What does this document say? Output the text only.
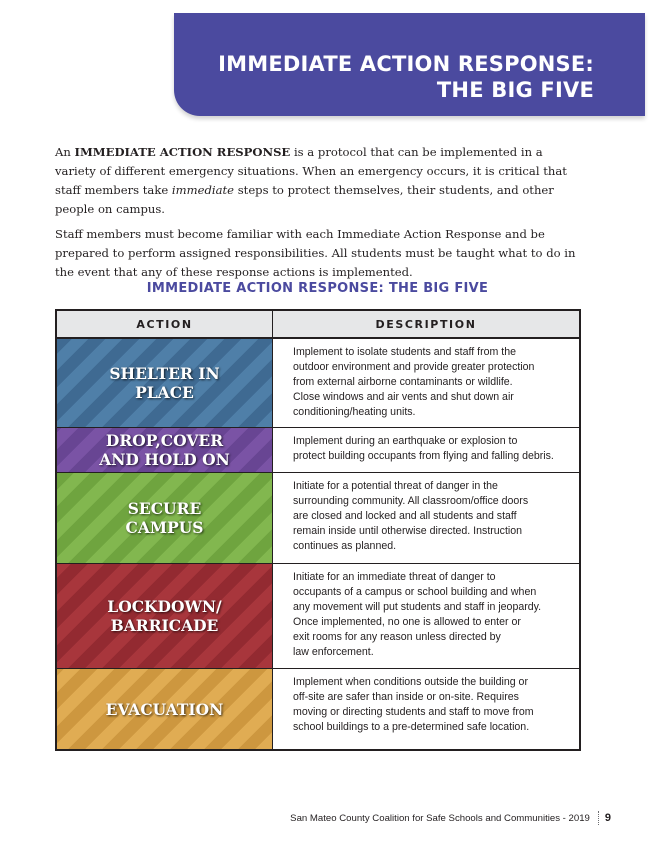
IMMEDIATE ACTION RESPONSE:
THE BIG FIVE

An IMMEDIATE ACTION RESPONSE is a protocol that can be implemented in a variety of different emergency situations. When an emergency occurs, it is critical that staff members take immediate steps to protect themselves, their students, and other people on campus.

Staff members must become familiar with each Immediate Action Response and be prepared to perform assigned responsibilities. All students must be taught what to do in the event that any of these response actions is implemented.

IMMEDIATE ACTION RESPONSE: THE BIG FIVE
ACTION	DESCRIPTION
SHELTER IN
PLACE
Implement to isolate students and staff from the
outdoor environment and provide greater protection
from external airborne contaminants or wildlife.
Close windows and air vents and shut down air
conditioning/heating units.
DROP,COVER
AND HOLD ON
Implement during an earthquake or explosion to
protect building occupants from flying and falling debris.
SECURE
CAMPUS
Initiate for a potential threat of danger in the
surrounding community. All classroom/office doors
are closed and locked and all students and staff
remain inside until otherwise directed. Instruction
continues as planned.
LOCKDOWN/
BARRICADE
Initiate for an immediate threat of danger to
occupants of a campus or school building and when
any movement will put students and staff in jeopardy.
Once implemented, no one is allowed to enter or
exit rooms for any reason unless directed by
law enforcement.
EVACUATION
Implement when conditions outside the building or
off-site are safer than inside or on-site. Requires
moving or directing students and staff to move from
school buildings to a pre-determined safe location.
San Mateo County Coalition for Safe Schools and Communities - 2019 9
